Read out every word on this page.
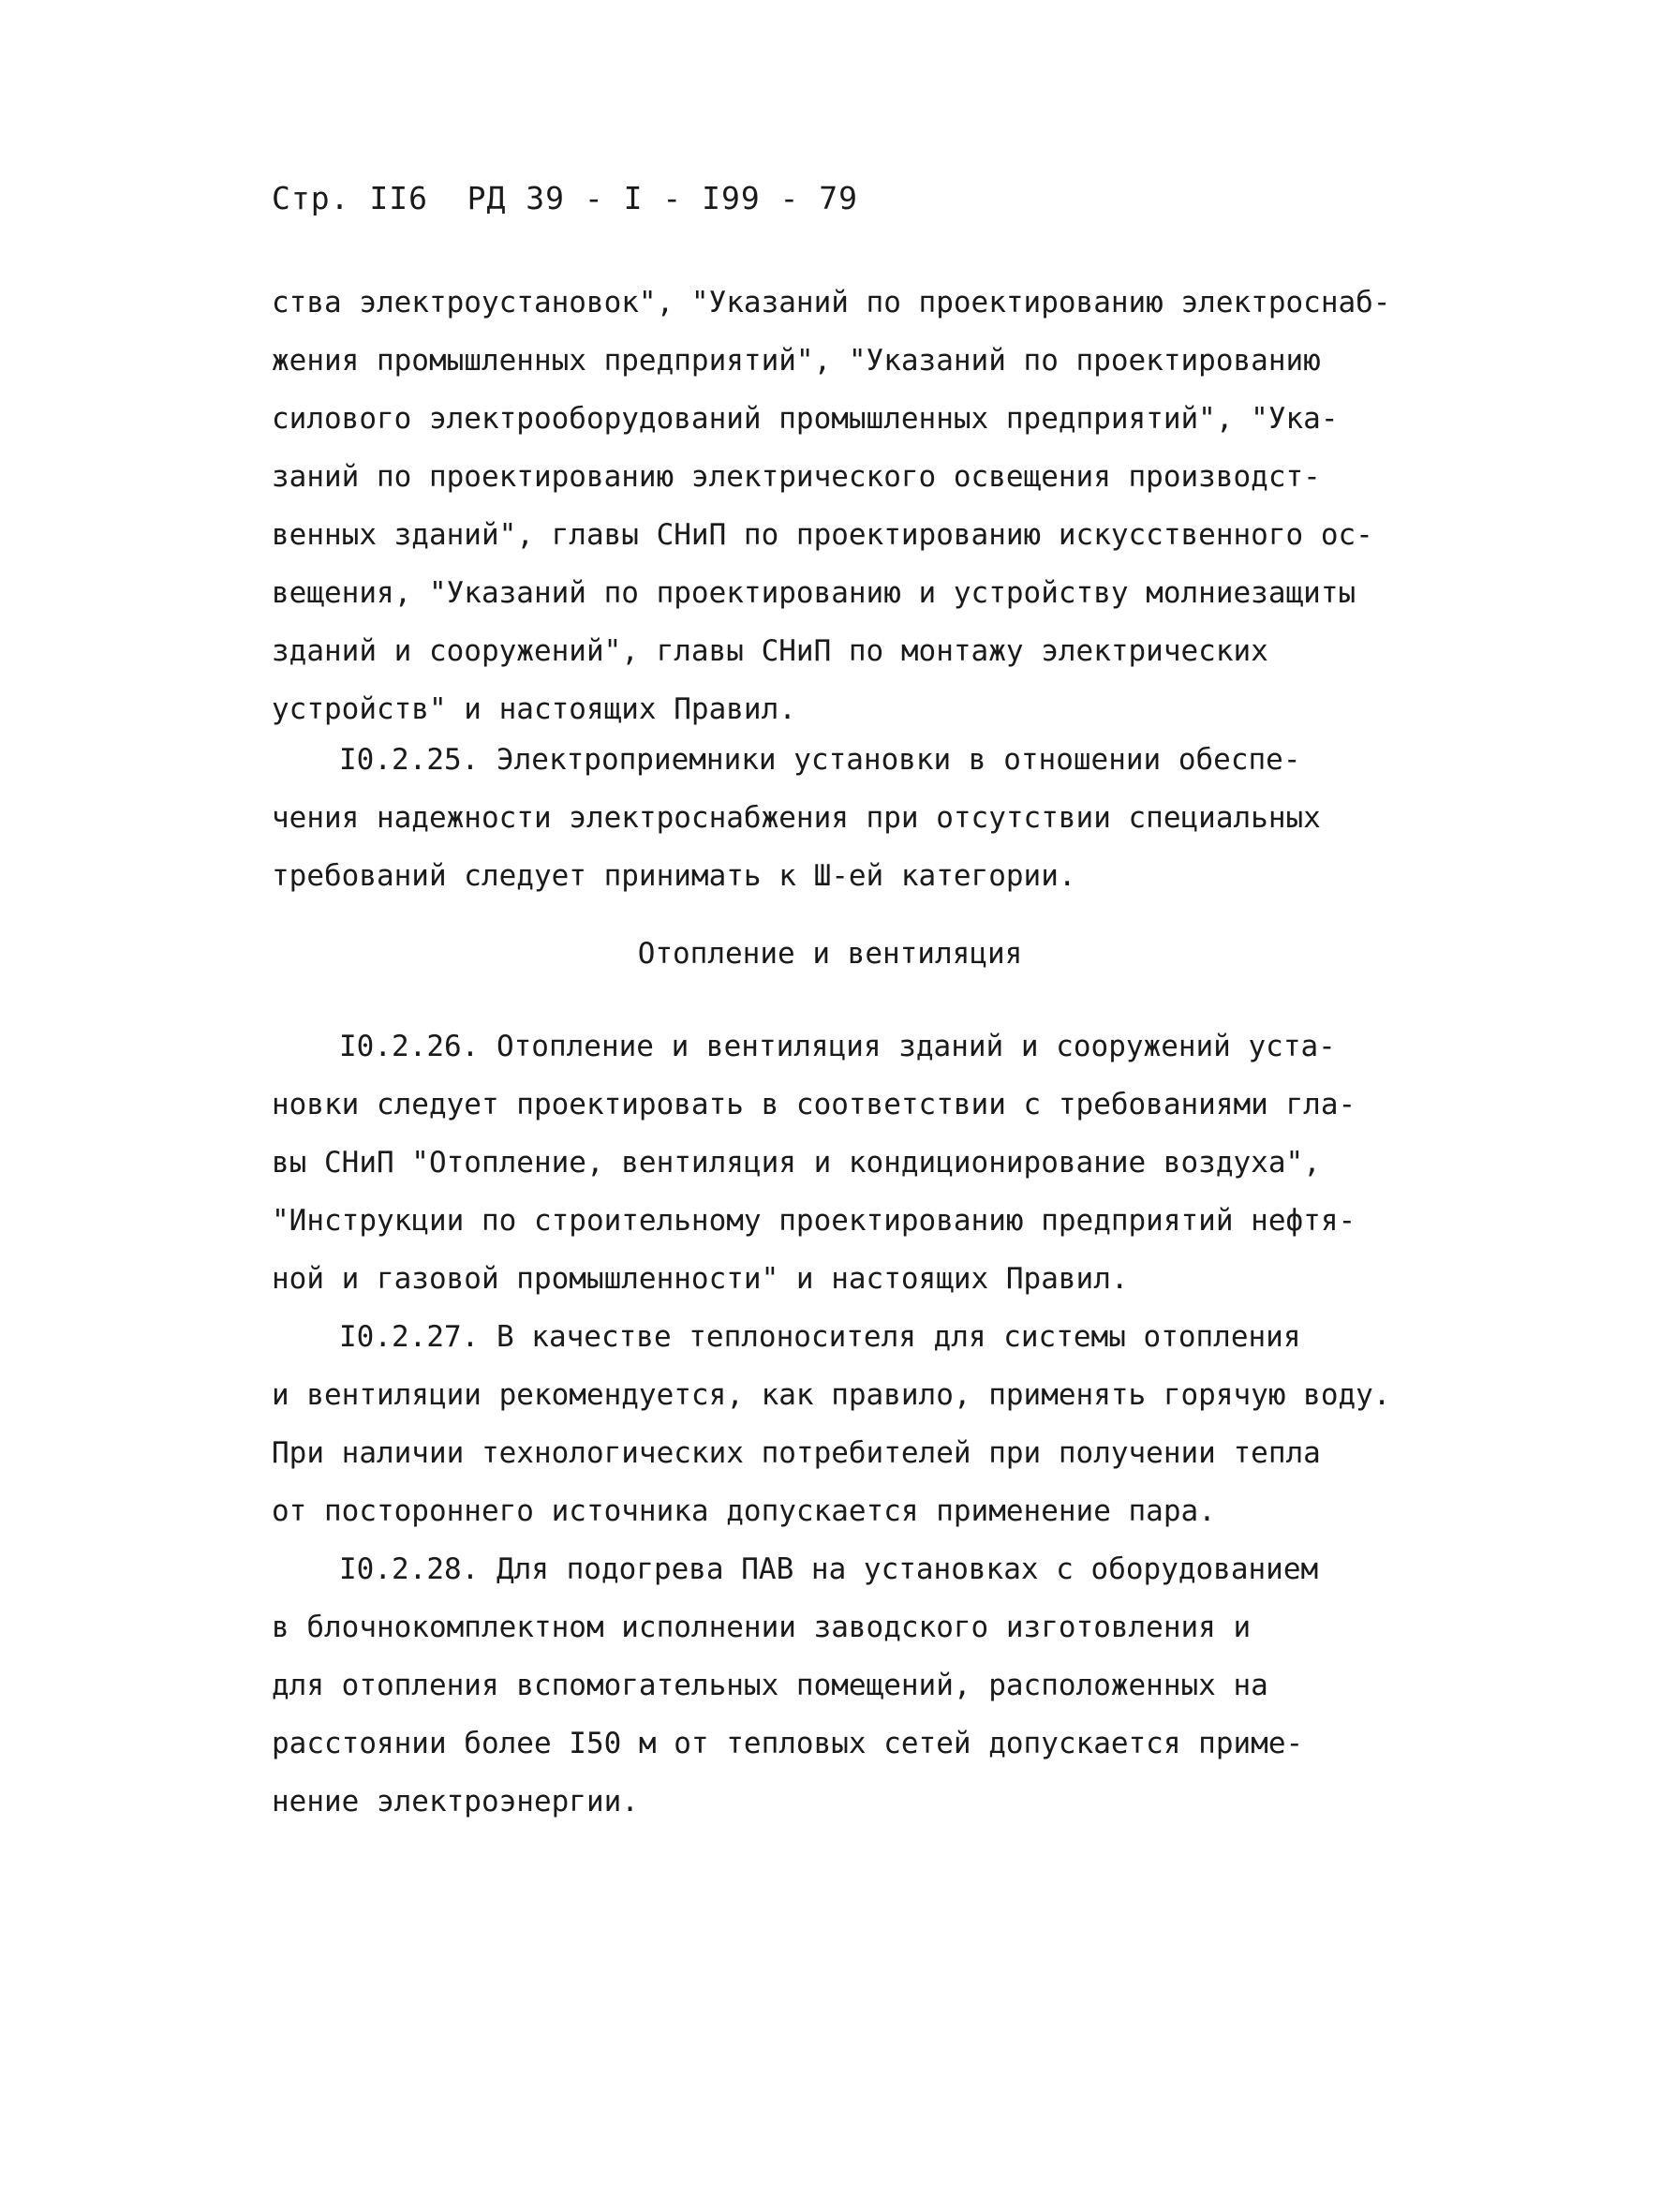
Стр. II6  РД 39 - I - I99 - 79
ства электроустановок", "Указаний по проектированию электроснаб-
жения промышленных предприятий", "Указаний по проектированию
силового электрооборудований промышленных предприятий", "Ука-
заний по проектированию электрического освещения производст-
венных зданий", главы СНиП по проектированию искусственного ос-
вещения, "Указаний по проектированию и устройству молниезащиты
зданий и сооружений", главы СНиП по монтажу электрических
устройств" и настоящих Правил.
I0.2.25. Электроприемники установки в отношении обеспе-
чения надежности электроснабжения при отсутствии специальных
требований следует принимать к Ш-ей категории.
Отопление и вентиляция
I0.2.26. Отопление и вентиляция зданий и сооружений уста-
новки следует проектировать в соответствии с требованиями гла-
вы СНиП "Отопление, вентиляция и кондиционирование воздуха",
"Инструкции по строительному проектированию предприятий нефтя-
ной и газовой промышленности" и настоящих Правил.
I0.2.27. В качестве теплоносителя для системы отопления
и вентиляции рекомендуется, как правило, применять горячую воду.
При наличии технологических потребителей при получении тепла
от постороннего источника допускается применение пара.
I0.2.28. Для подогрева ПАВ на установках с оборудованием
в блочнокомплектном исполнении заводского изготовления и
для отопления вспомогательных помещений, расположенных на
расстоянии более I50 м от тепловых сетей допускается приме-
нение электроэнергии.
